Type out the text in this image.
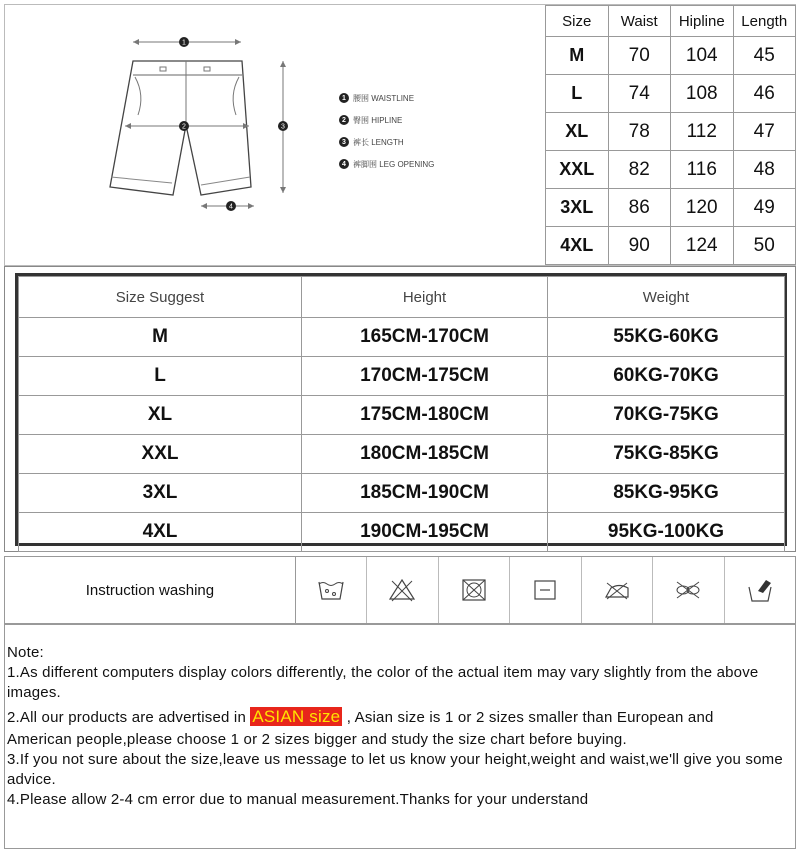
1
2	3
4
1 腰围 WAISTLINE
2 臀围 HIPLINE
3 裤长 LENGTH
4 裤脚围 LEG OPENING
Size	Waist	Hipline	Length
M	70	104	45
L	74	108	46
XL	78	112	47
XXL	82	116	48
3XL	86	120	49
4XL	90	124	50
Size Suggest	Height	Weight
M	165CM-170CM	55KG-60KG
L	170CM-175CM	60KG-70KG
XL	175CM-180CM	70KG-75KG
XXL	180CM-185CM	75KG-85KG
3XL	185CM-190CM	85KG-95KG
4XL	190CM-195CM	95KG-100KG
Instruction washing

Note:

1.As different computers display colors differently, the color of the actual item may vary slightly from the above images.

2.All our products are advertised in ASIAN size , Asian size is 1 or 2 sizes smaller than European and

American people,please choose 1 or 2 sizes bigger and study the size chart before buying.

3.If you not sure about the size,leave us message to let us know your height,weight and waist,we'll give you some advice.

4.Please allow 2-4 cm error due to manual measurement.Thanks for your understand
